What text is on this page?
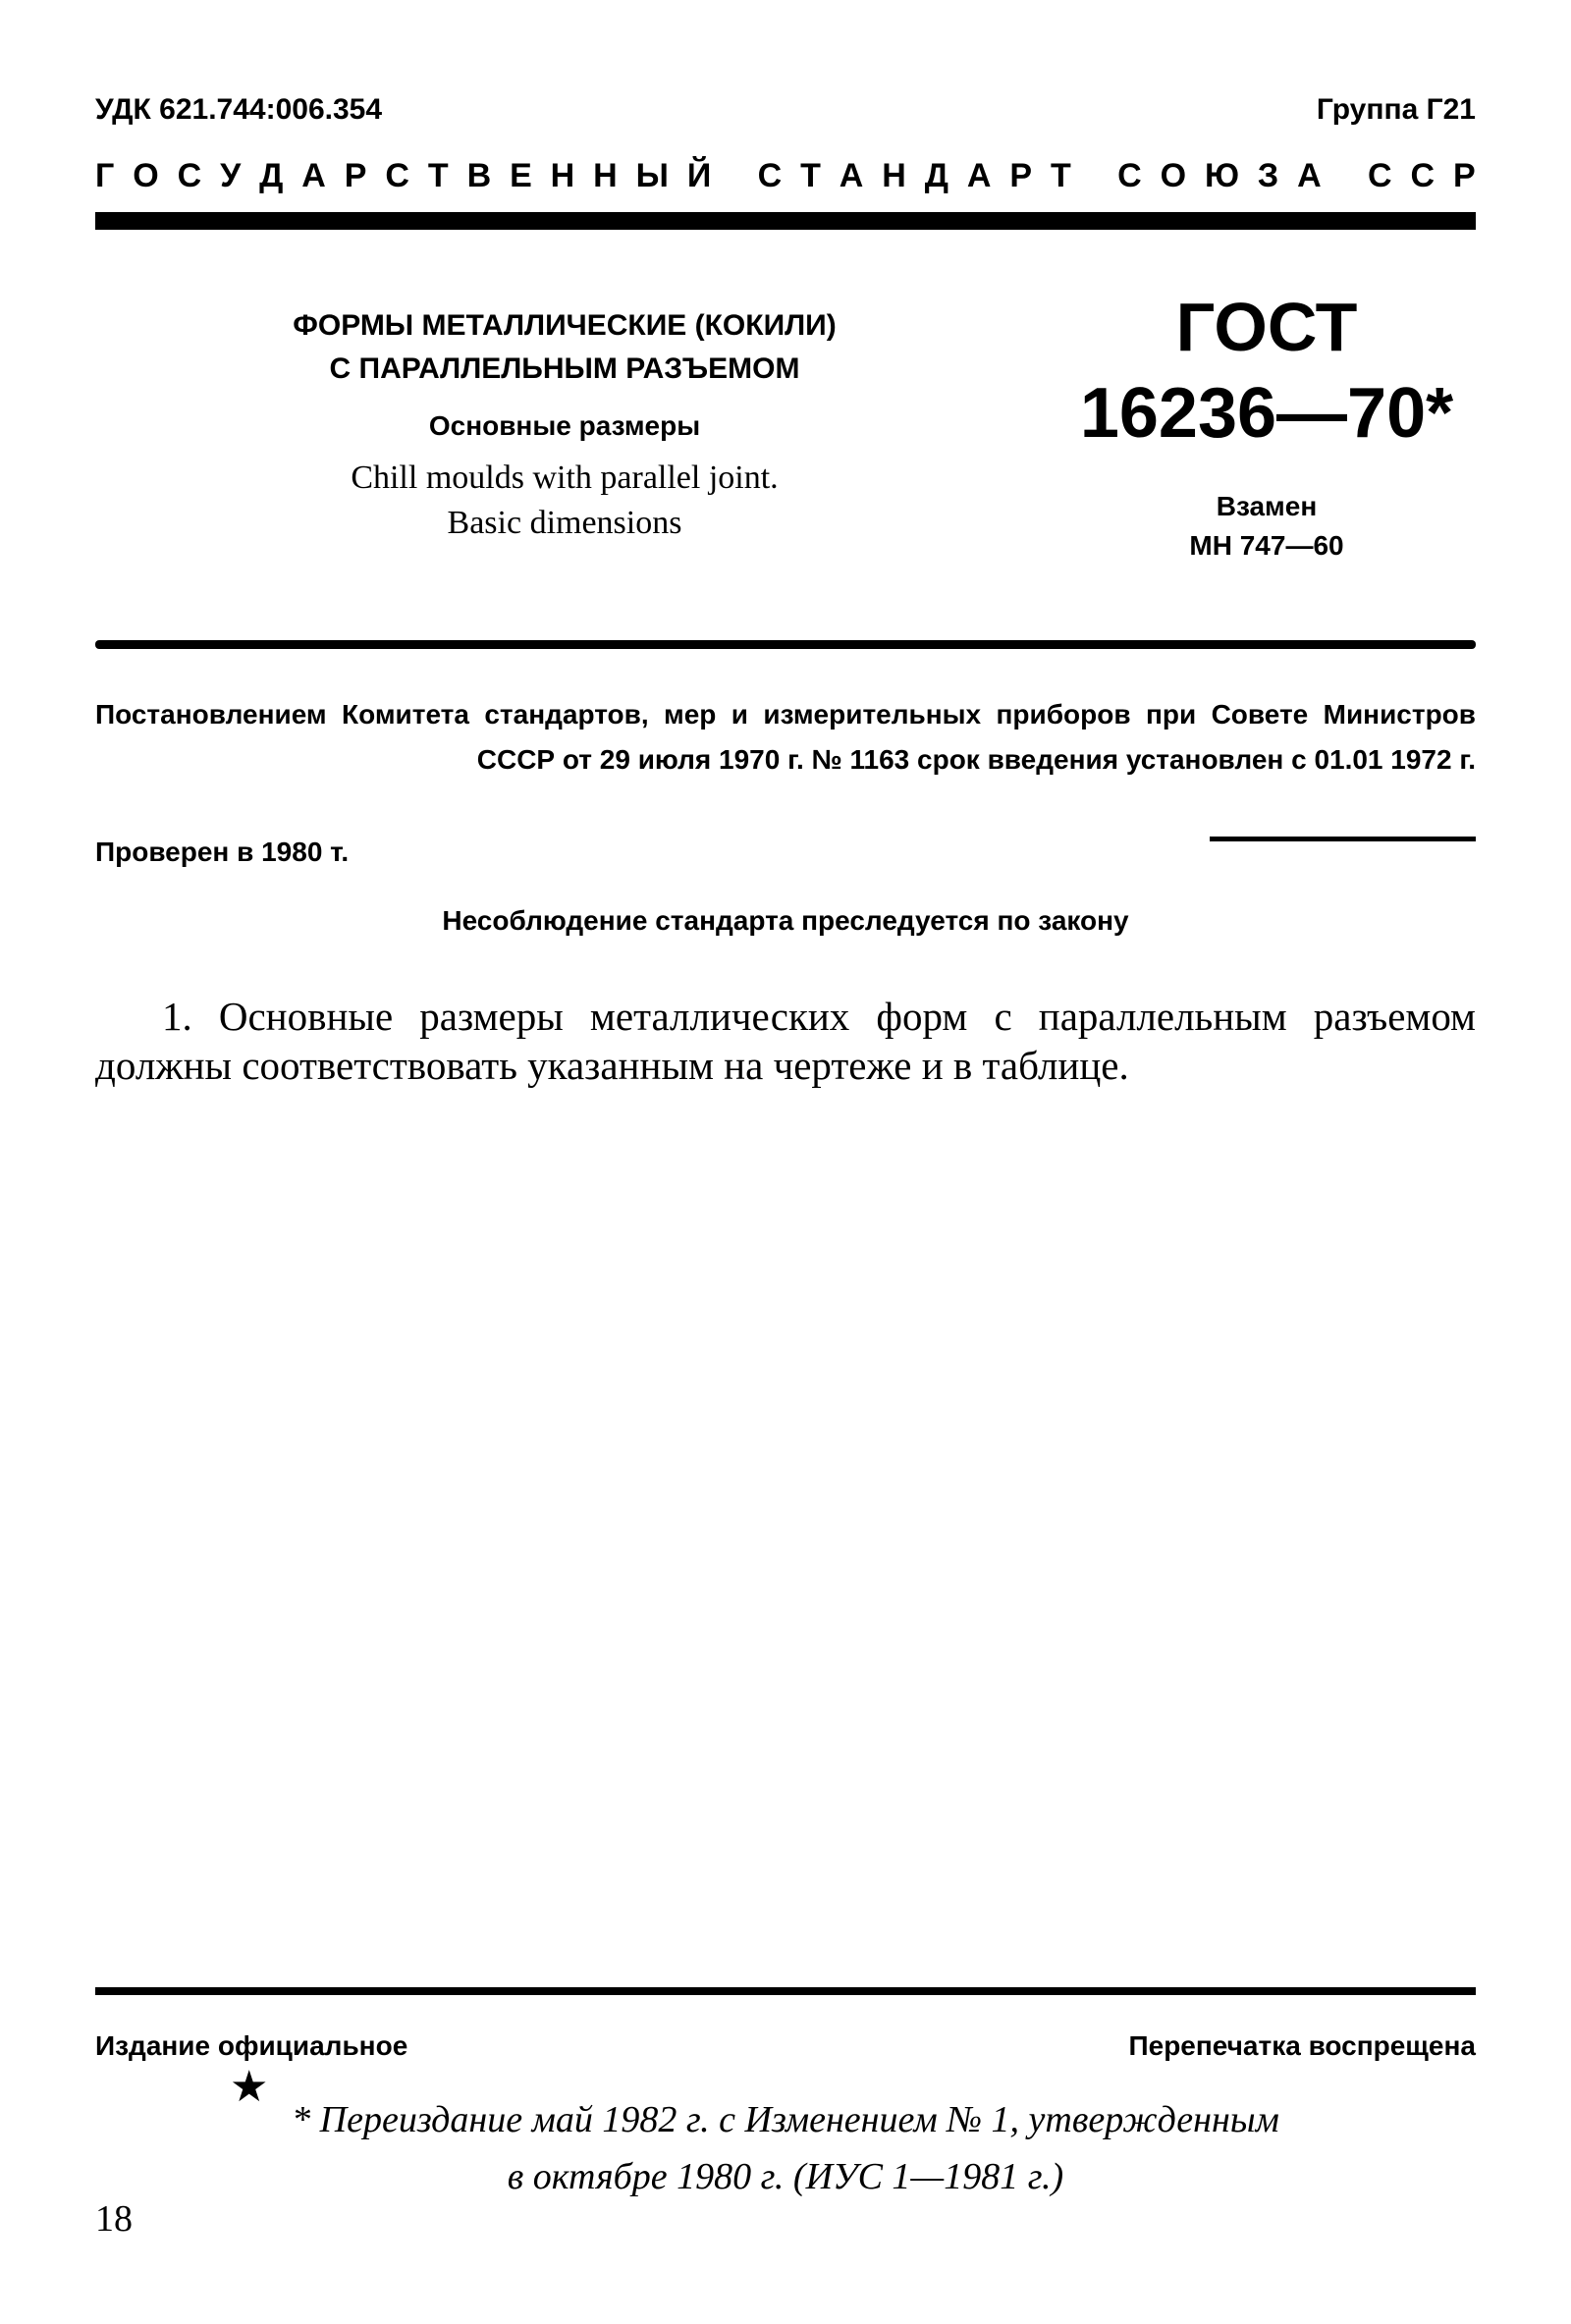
УДК 621.744:006.354	Группа Г21
Г О С У Д А Р С Т В Е Н Н Ы Й
С Т А Н Д А Р Т
С О Ю З А
С С Р
ФОРМЫ МЕТАЛЛИЧЕСКИЕ (КОКИЛИ)
С ПАРАЛЛЕЛЬНЫМ РАЗЪЕМОМ
Основные размеры
Chill moulds with parallel joint.
Basic dimensions
ГОСТ
16236—70*
Взамен
МН 747—60
Постановлением Комитета стандартов, мер и измерительных приборов при Совете Министров СССР от 29 июля 1970 г. № 1163 срок введения установлен с 01.01 1972 г.
Проверен в 1980 т.
Несоблюдение стандарта преследуется по закону
1. Основные размеры металлических форм с параллельным разъемом должны соответствовать указанным на чертеже и в таблице.
Издание официальное	Перепечатка воспрещена
★
* Переиздание май 1982 г. с Изменением № 1, утвержденным
в октябре 1980 г. (ИУС 1—1981 г.)
18
